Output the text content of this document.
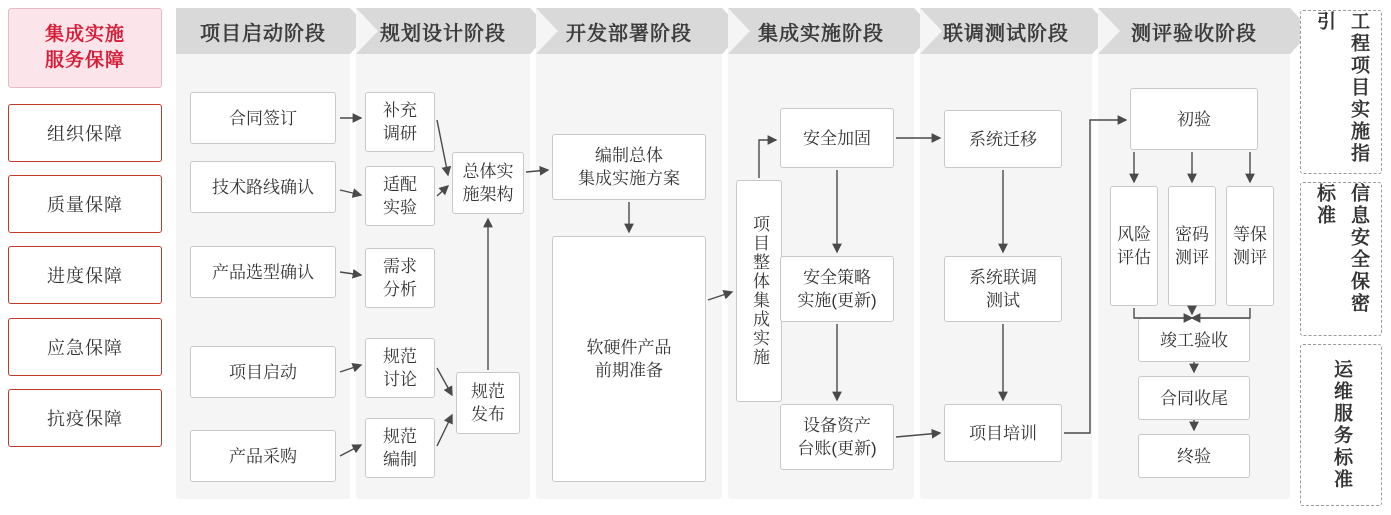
集成实施
服务保障
组织保障
质量保障
进度保障
应急保障
抗疫保障
项目启动阶段	规划设计阶段	开发部署阶段	集成实施阶段	联调测试阶段	测评验收阶段
合同签订
技术路线确认
产品选型确认
项目启动
产品采购
补充
调研
适配
实验
需求
分析
规范
讨论
规范
编制
总体实
施架构
规范
发布
编制总体
集成实施方案
软硬件产品
前期准备
项目整体集成实施
安全加固
安全策略
实施(更新)
设备资产
台账(更新)
系统迁移
系统联调
测试
项目培训
初验
风险
评估
密码
测评
等保
测评
竣工验收
合同收尾
终验
工程项目实施指引
信息安全保密标准
运维服务标准
